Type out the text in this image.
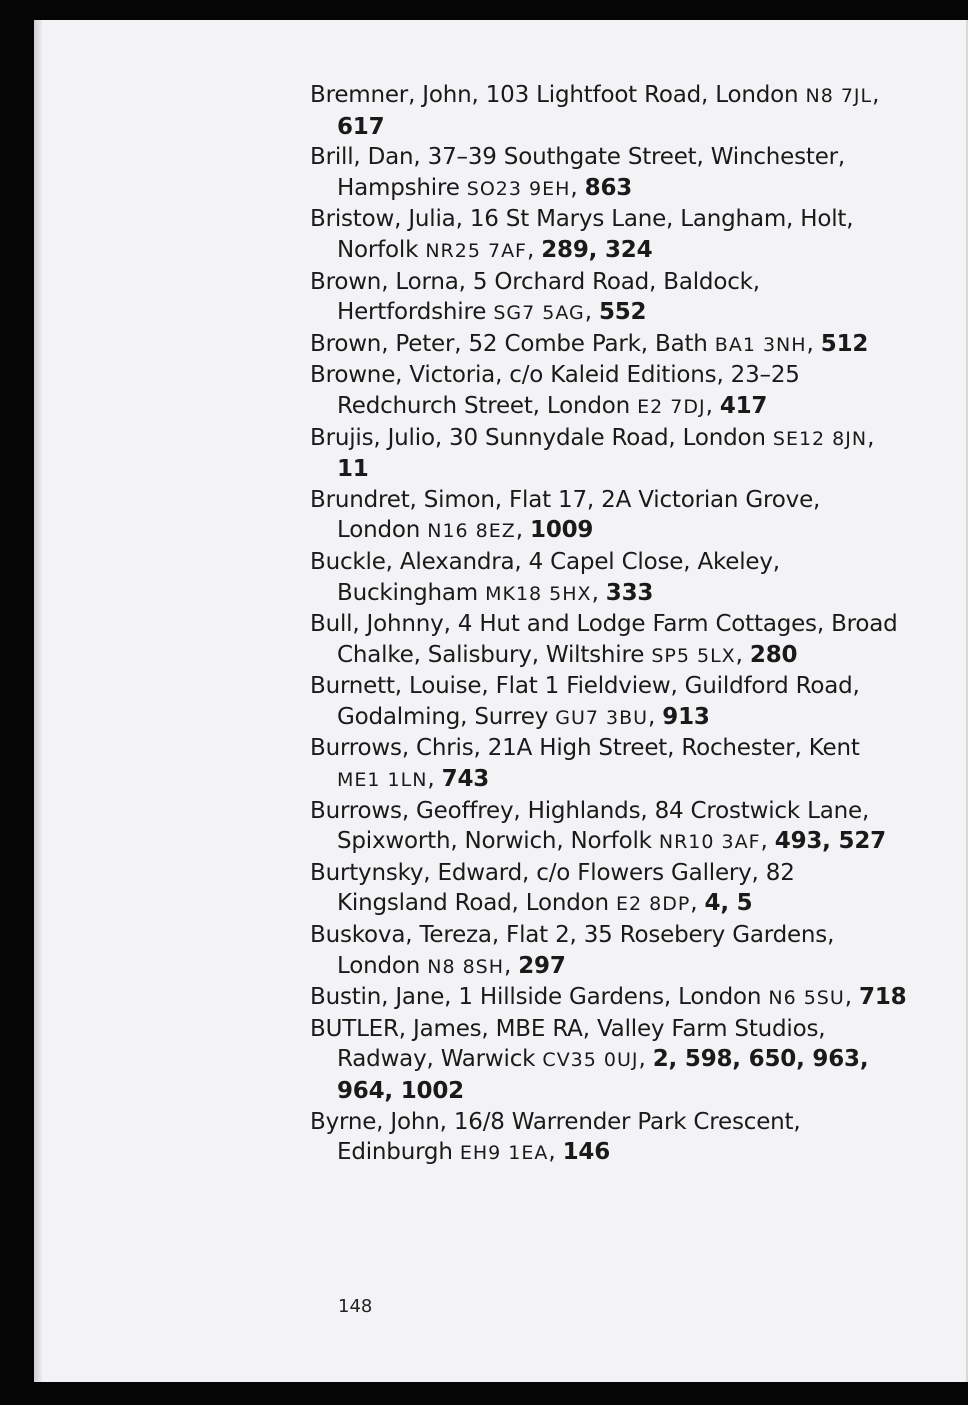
Bremner, John, 103 Lightfoot Road, London N8 7JL, 617
Brill, Dan, 37–39 Southgate Street, Winchester, Hampshire SO23 9EH, 863
Bristow, Julia, 16 St Marys Lane, Langham, Holt, Norfolk NR25 7AF, 289, 324
Brown, Lorna, 5 Orchard Road, Baldock, Hertfordshire SG7 5AG, 552
Brown, Peter, 52 Combe Park, Bath BA1 3NH, 512
Browne, Victoria, c/o Kaleid Editions, 23–25 Redchurch Street, London E2 7DJ, 417
Brujis, Julio, 30 Sunnydale Road, London SE12 8JN, 11
Brundret, Simon, Flat 17, 2A Victorian Grove, London N16 8EZ, 1009
Buckle, Alexandra, 4 Capel Close, Akeley, Buckingham MK18 5HX, 333
Bull, Johnny, 4 Hut and Lodge Farm Cottages, Broad Chalke, Salisbury, Wiltshire SP5 5LX, 280
Burnett, Louise, Flat 1 Fieldview, Guildford Road, Godalming, Surrey GU7 3BU, 913
Burrows, Chris, 21A High Street, Rochester, Kent ME1 1LN, 743
Burrows, Geoffrey, Highlands, 84 Crostwick Lane, Spixworth, Norwich, Norfolk NR10 3AF, 493, 527
Burtynsky, Edward, c/o Flowers Gallery, 82 Kingsland Road, London E2 8DP, 4, 5
Buskova, Tereza, Flat 2, 35 Rosebery Gardens, London N8 8SH, 297
Bustin, Jane, 1 Hillside Gardens, London N6 5SU, 718
BUTLER, James, MBE RA, Valley Farm Studios, Radway, Warwick CV35 0UJ, 2, 598, 650, 963, 964, 1002
Byrne, John, 16/8 Warrender Park Crescent, Edinburgh EH9 1EA, 146
148
